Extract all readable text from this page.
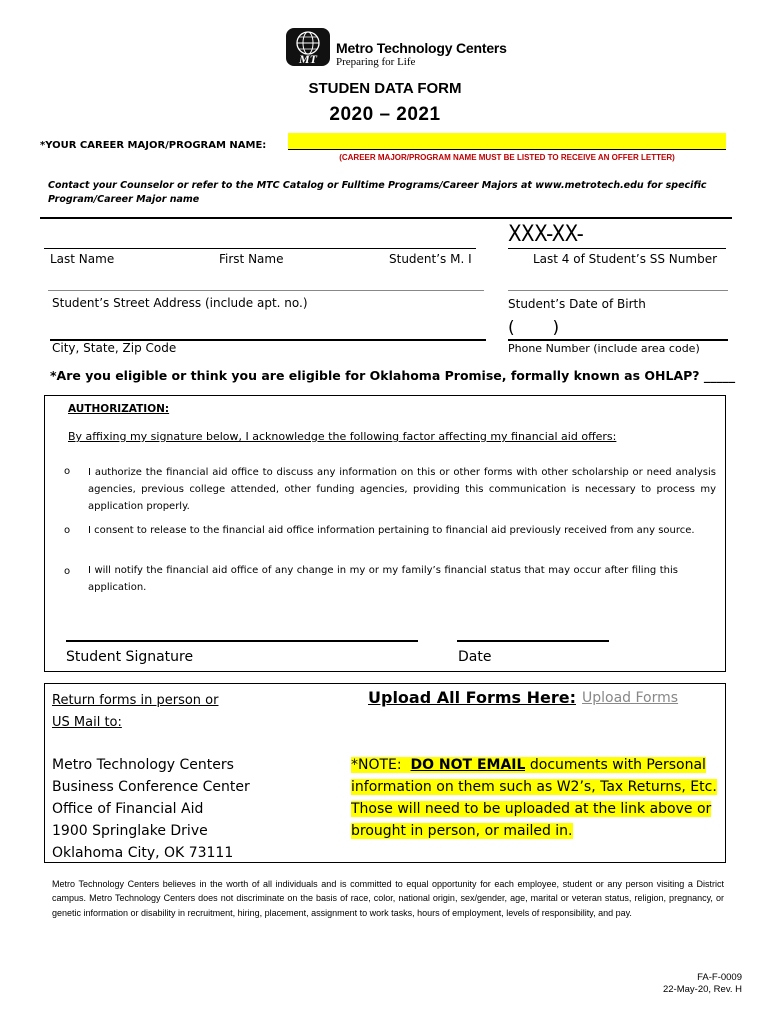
MT
Metro Technology Centers
Preparing for Life
STUDEN DATA FORM
2020 – 2021
*YOUR CAREER MAJOR/PROGRAM NAME:
(CAREER MAJOR/PROGRAM NAME MUST BE LISTED TO RECEIVE AN OFFER LETTER)
Contact your Counselor or refer to the MTC Catalog or Fulltime Programs/Career Majors at www.metrotech.edu for specific Program/Career Major name
XXX-XX-
Last Name	First Name	Student’s M. I	Last 4 of Student’s SS Number
Student’s Street Address (include apt. no.)	Student’s Date of Birth
(       )
City, State, Zip Code	Phone Number (include area code)
*Are you eligible or think you are eligible for Oklahoma Promise, formally known as OHLAP? _____
AUTHORIZATION:
By affixing my signature below, I acknowledge the following factor affecting my financial aid offers:
o I authorize the financial aid office to discuss any information on this or other forms with other scholarship or need analysis agencies, previous college attended, other funding agencies, providing this communication is necessary to process my application properly.
o I consent to release to the financial aid office information pertaining to financial aid previously received from any source.
o I will notify the financial aid office of any change in my or my family’s financial status that may occur after filing this application.
Student Signature	Date
Return forms in person or
US Mail to:
Metro Technology Centers
Business Conference Center
Office of Financial Aid
1900 Springlake Drive
Oklahoma City, OK 73111
Upload All Forms Here: Upload Forms
*NOTE:  DO NOT EMAIL documents with Personal information on them such as W2’s, Tax Returns, Etc. Those will need to be uploaded at the link above or brought in person, or mailed in.
Metro Technology Centers believes in the worth of all individuals and is committed to equal opportunity for each employee, student or any person visiting a District campus. Metro Technology Centers does not discriminate on the basis of race, color, national origin, sex/gender, age, marital or veteran status, religion, pregnancy, or genetic information or disability in recruitment, hiring, placement, assignment to work tasks, hours of employment, levels of responsibility, and pay.
FA-F-0009
22-May-20, Rev. H
